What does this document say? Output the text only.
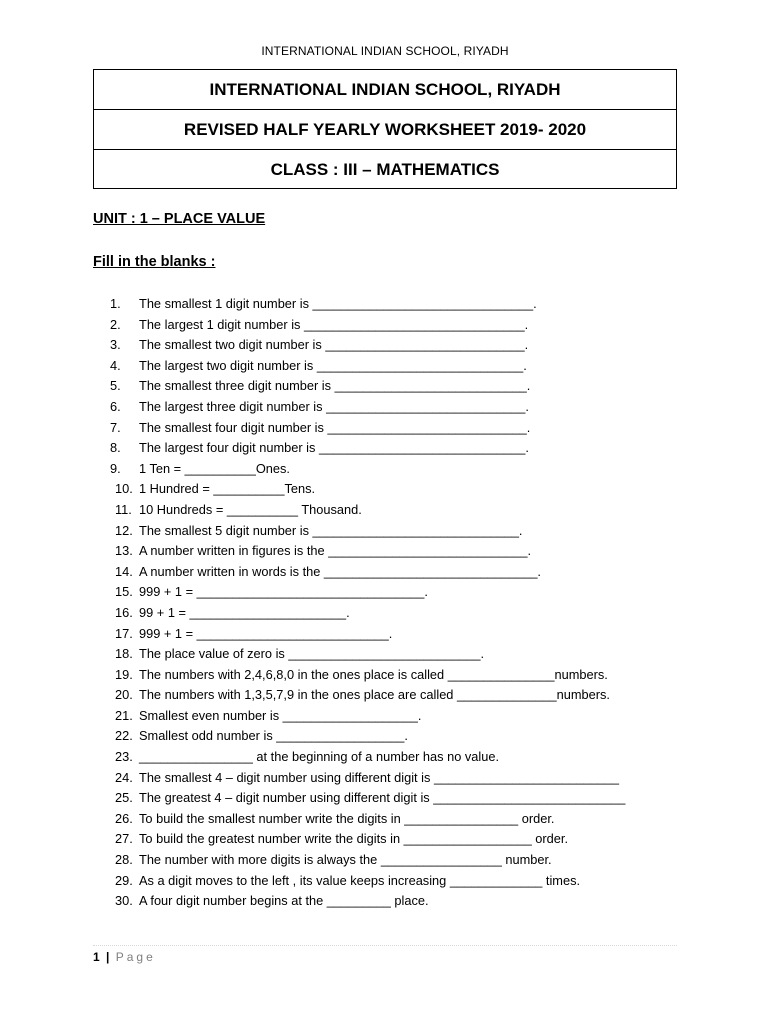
INTERNATIONAL INDIAN SCHOOL, RIYADH
INTERNATIONAL INDIAN SCHOOL, RIYADH
REVISED HALF YEARLY WORKSHEET 2019- 2020
CLASS : III – MATHEMATICS
UNIT : 1 – PLACE VALUE
Fill in the blanks :
1. The smallest 1 digit number is _______________________________.
2. The largest 1 digit number is _______________________________.
3. The smallest two digit number is ____________________________.
4. The largest two digit number is _____________________________.
5. The smallest three digit number is ___________________________.
6. The largest three digit number is ____________________________.
7. The smallest four digit number is ____________________________.
8. The largest four digit number is _____________________________.
9. 1 Ten = __________Ones.
10. 1 Hundred = __________Tens.
11. 10 Hundreds = __________ Thousand.
12. The smallest 5 digit number is _____________________________.
13. A number written in figures is the ____________________________.
14. A number written in words is the ______________________________.
15. 999 + 1 = ________________________________.
16. 99 + 1 = ______________________.
17. 999 + 1 = ___________________________.
18. The place value of zero is ___________________________.
19. The numbers with 2,4,6,8,0 in the ones place is called _______________numbers.
20. The numbers with 1,3,5,7,9 in the ones place are called ______________numbers.
21. Smallest even number is ___________________.
22. Smallest odd number is __________________.
23. ________________ at the beginning of a number has no value.
24. The smallest 4 – digit number using different digit is __________________________
25. The greatest 4 – digit number using different digit is ___________________________
26. To build the smallest number write the digits in ________________ order.
27. To build the greatest number write the digits in __________________ order.
28. The number with more digits is always the _________________ number.
29. As a digit moves to the left , its value keeps increasing _____________ times.
30. A four digit number begins at the _________ place.
1 | Page
